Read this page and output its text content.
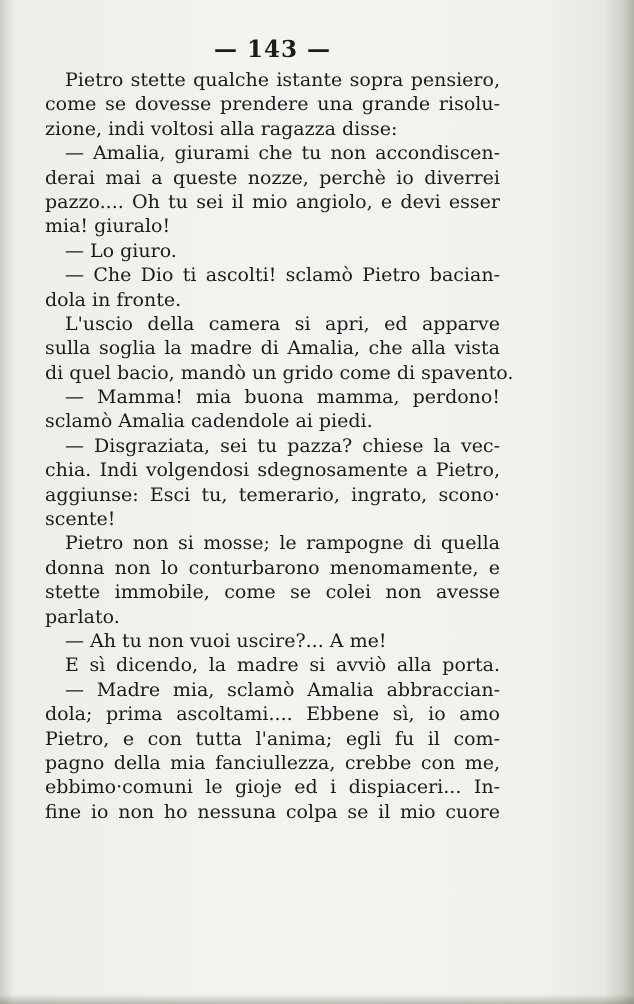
— 143 —
Pietro stette qualche istante sopra pensiero,
come se dovesse prendere una grande risolu-
zione, indi voltosi alla ragazza disse:
— Amalia, giurami che tu non accondiscen-
derai mai a queste nozze, perchè io diverrei
pazzo.... Oh tu sei il mio angiolo, e devi esser
mia! giuralo!
— Lo giuro.
— Che Dio ti ascolti! sclamò Pietro bacian-
dola in fronte.
L'uscio della camera si apri, ed apparve
sulla soglia la madre di Amalia, che alla vista
di quel bacio, mandò un grido come di spavento.
— Mamma! mia buona mamma, perdono!
sclamò Amalia cadendole ai piedi.
— Disgraziata, sei tu pazza? chiese la vec-
chia. Indi volgendosi sdegnosamente a Pietro,
aggiunse: Esci tu, temerario, ingrato, scono·
scente!
Pietro non si mosse; le rampogne di quella
donna non lo conturbarono menomamente, e
stette immobile, come se colei non avesse
parlato.
— Ah tu non vuoi uscire?... A me!
E sì dicendo, la madre si avviò alla porta.
— Madre mia, sclamò Amalia abbraccian-
dola; prima ascoltami.... Ebbene sì, io amo
Pietro, e con tutta l'anima; egli fu il com-
pagno della mia fanciullezza, crebbe con me,
ebbimo·comuni le gioje ed i dispiaceri... In-
fine io non ho nessuna colpa se il mio cuore
